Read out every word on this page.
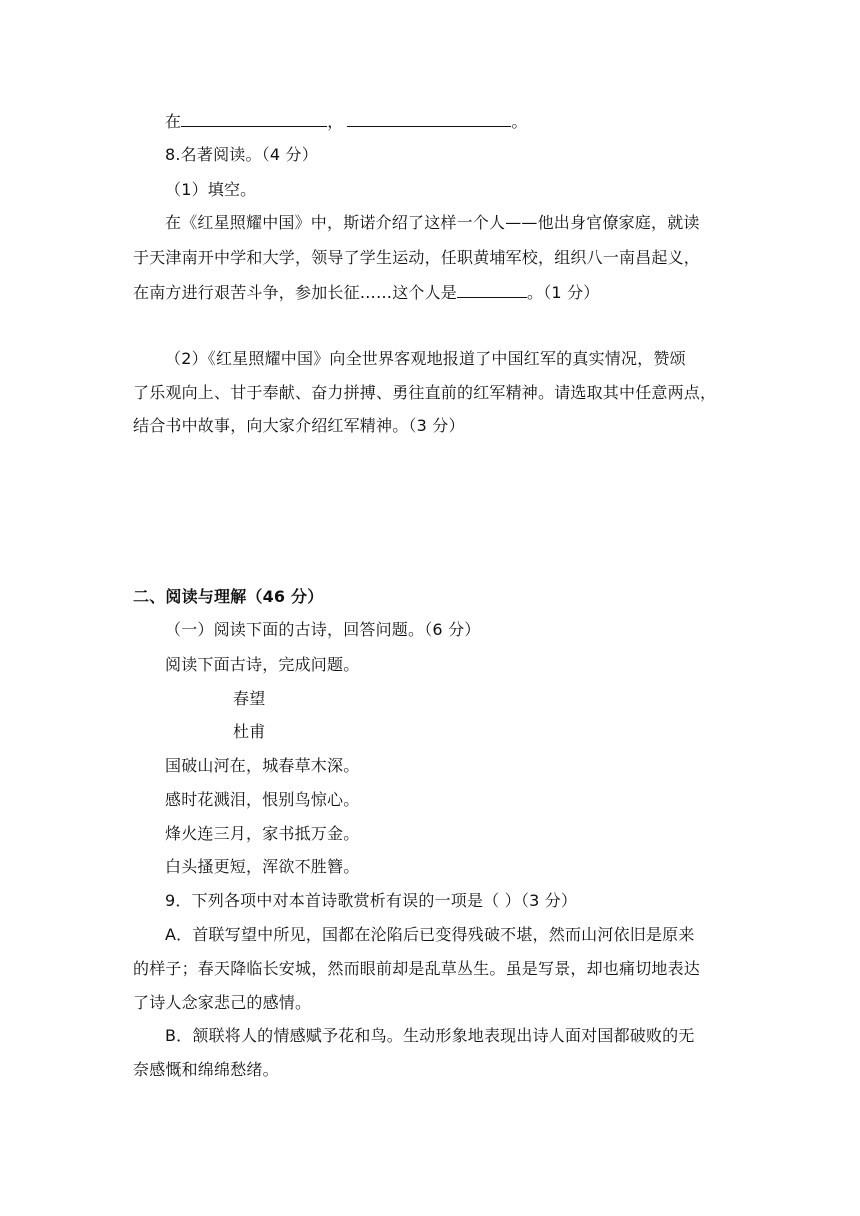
在	，	。
8.名著阅读。（4 分）
（1）填空。
在《红星照耀中国》中，斯诺介绍了这样一个人——他出身官僚家庭，就读
于天津南开中学和大学，领导了学生运动，任职黄埔军校，组织八一南昌起义，
在南方进行艰苦斗争，参加长征……这个人是	。（1 分）
（2）《红星照耀中国》向全世界客观地报道了中国红军的真实情况，赞颂
了乐观向上、甘于奉献、奋力拼搏、勇往直前的红军精神。请选取其中任意两点，
结合书中故事，向大家介绍红军精神。（3 分）
二、阅读与理解（46 分）
（一）阅读下面的古诗，回答问题。（6 分）
阅读下面古诗，完成问题。
春望
杜甫
国破山河在，城春草木深。
感时花溅泪，恨别鸟惊心。
烽火连三月，家书抵万金。
白头搔更短，浑欲不胜簪。
9．下列各项中对本首诗歌赏析有误的一项是（ ）（3 分）
A．首联写望中所见，国都在沦陷后已变得残破不堪，然而山河依旧是原来
的样子；春天降临长安城，然而眼前却是乱草丛生。虽是写景，却也痛切地表达
了诗人念家悲己的感情。
B．颔联将人的情感赋予花和鸟。生动形象地表现出诗人面对国都破败的无
奈感慨和绵绵愁绪。
